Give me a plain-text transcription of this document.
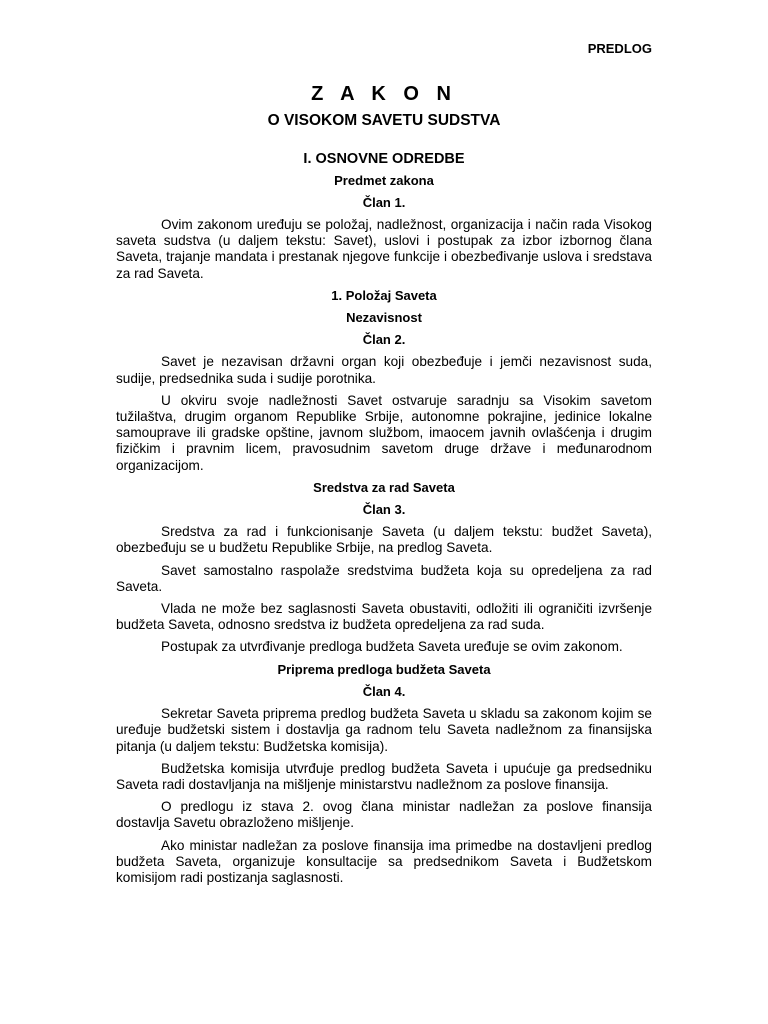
PREDLOG
Z A K O N
O VISOKOM SAVETU SUDSTVA
I. OSNOVNE ODREDBE
Predmet zakona
Član 1.

Ovim zakonom uređuju se položaj, nadležnost, organizacija i način rada Visokog saveta sudstva (u daljem tekstu: Savet), uslovi i postupak za izbor izbornog člana Saveta, trajanje mandata i prestanak njegove funkcije i obezbeđivanje uslova i sredstava za rad Saveta.

1. Položaj Saveta
Nezavisnost
Član 2.

Savet je nezavisan državni organ koji obezbeđuje i jemči nezavisnost suda, sudije, predsednika suda i sudije porotnika.

U okviru svoje nadležnosti Savet ostvaruje saradnju sa Visokim savetom tužilaštva, drugim organom Republike Srbije, autonomne pokrajine, jedinice lokalne samouprave ili gradske opštine, javnom službom, imaocem javnih ovlašćenja i drugim fizičkim i pravnim licem, pravosudnim savetom druge države i međunarodnom organizacijom.

Sredstva za rad Saveta
Član 3.

Sredstva za rad i funkcionisanje Saveta (u daljem tekstu: budžet Saveta), obezbeđuju se u budžetu Republike Srbije, na predlog Saveta.

Savet samostalno raspolaže sredstvima budžeta koja su opredeljena za rad Saveta.

Vlada ne može bez saglasnosti Saveta obustaviti, odložiti ili ograničiti izvršenje budžeta Saveta, odnosno sredstva iz budžeta opredeljena za rad suda.

Postupak za utvrđivanje predloga budžeta Saveta uređuje se ovim zakonom.

Priprema predloga budžeta Saveta
Član 4.

Sekretar Saveta priprema predlog budžeta Saveta u skladu sa zakonom kojim se uređuje budžetski sistem i dostavlja ga radnom telu Saveta nadležnom za finansijska pitanja (u daljem tekstu: Budžetska komisija).

Budžetska komisija utvrđuje predlog budžeta Saveta i upućuje ga predsedniku Saveta radi dostavljanja na mišljenje ministarstvu nadležnom za poslove finansija.

O predlogu iz stava 2. ovog člana ministar nadležan za poslove finansija dostavlja Savetu obrazloženo mišljenje.

Ako ministar nadležan za poslove finansija ima primedbe na dostavljeni predlog budžeta Saveta, organizuje konsultacije sa predsednikom Saveta i Budžetskom komisijom radi postizanja saglasnosti.
